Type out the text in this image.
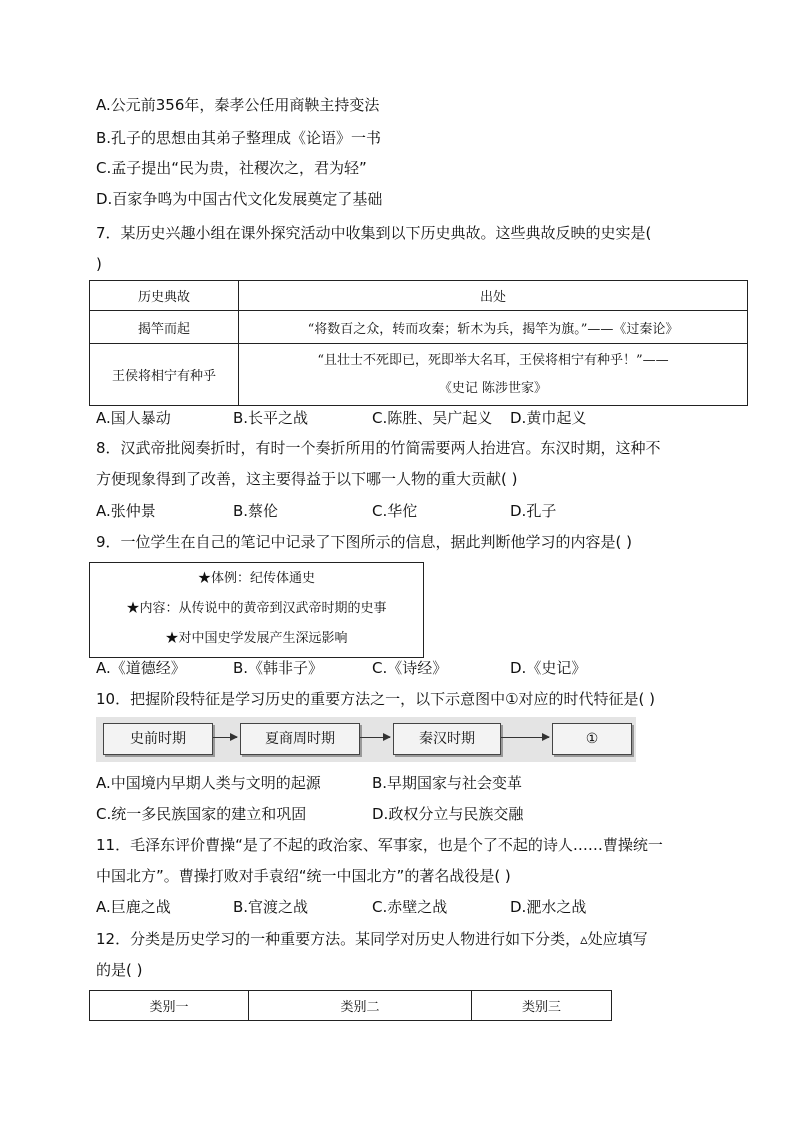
A.公元前356年，秦孝公任用商鞅主持变法
B.孔子的思想由其弟子整理成《论语》一书
C.孟子提出“民为贵，社稷次之，君为轻”
D.百家争鸣为中国古代文化发展奠定了基础
7．某历史兴趣小组在课外探究活动中收集到以下历史典故。这些典故反映的史实是(
)
历史典故	出处
揭竿而起	“将数百之众，转而攻秦；斩木为兵，揭竿为旗。”——《过秦论》
王侯将相宁有种乎	“且壮士不死即已，死即举大名耳，王侯将相宁有种乎！”——
《史记 陈涉世家》
A.国人暴动	B.长平之战	C.陈胜、吴广起义 D.黄巾起义
8．汉武帝批阅奏折时，有时一个奏折所用的竹简需要两人抬进宫。东汉时期，这种不
方便现象得到了改善，这主要得益于以下哪一人物的重大贡献( )
A.张仲景	B.蔡伦	C.华佗	D.孔子
9．一位学生在自己的笔记中记录了下图所示的信息，据此判断他学习的内容是( )
★体例：纪传体通史
★内容：从传说中的黄帝到汉武帝时期的史事
★对中国史学发展产生深远影响
A.《道德经》	B.《韩非子》	C.《诗经》	D.《史记》
10．把握阶段特征是学习历史的重要方法之一，以下示意图中①对应的时代特征是( )
史前时期	夏商周时期	秦汉时期	①
A.中国境内早期人类与文明的起源	B.早期国家与社会变革
C.统一多民族国家的建立和巩固	D.政权分立与民族交融
11．毛泽东评价曹操“是了不起的政治家、军事家，也是个了不起的诗人……曹操统一
中国北方”。曹操打败对手袁绍“统一中国北方”的著名战役是( )
A.巨鹿之战	B.官渡之战	C.赤壁之战	D.淝水之战
12．分类是历史学习的一种重要方法。某同学对历史人物进行如下分类，▵处应填写
的是( )
类别一	类别二	类别三
